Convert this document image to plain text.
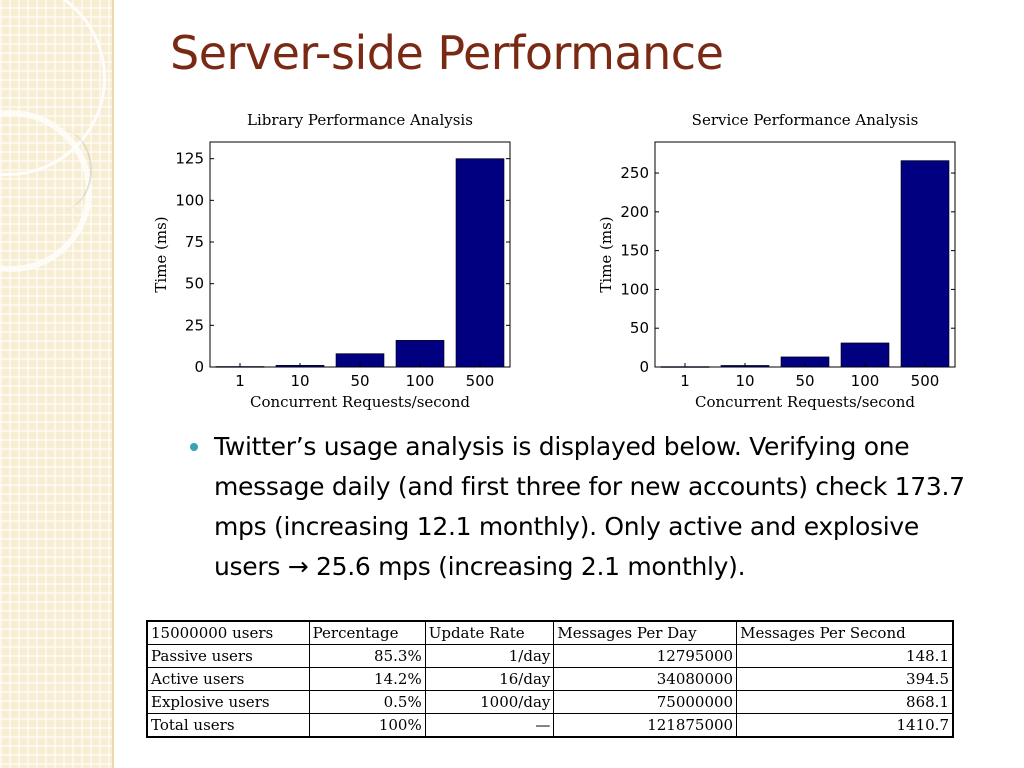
Server-side Performance
Library Performance Analysis
0
25
50
75
100
125
1	10	50 100 500
Concurrent Requests/second
Time (ms)
Service Performance Analysis
0
50
100
150
200
250
1	10	50 100 500
Concurrent Requests/second
Time (ms)
Twitter’s usage analysis is displayed below. Verifying one message daily (and first three for new accounts) check 173.7 mps (increasing 12.1 monthly). Only active and explosive users → 25.6 mps (increasing 2.1 monthly).
15000000 users	Percentage	Update Rate	Messages Per Day	Messages Per Second
Passive users	85.3%	1/day	12795000	148.1
Active users	14.2%	16/day	34080000	394.5
Explosive users	0.5%	1000/day	75000000	868.1
Total users	100%	—	121875000	1410.7
